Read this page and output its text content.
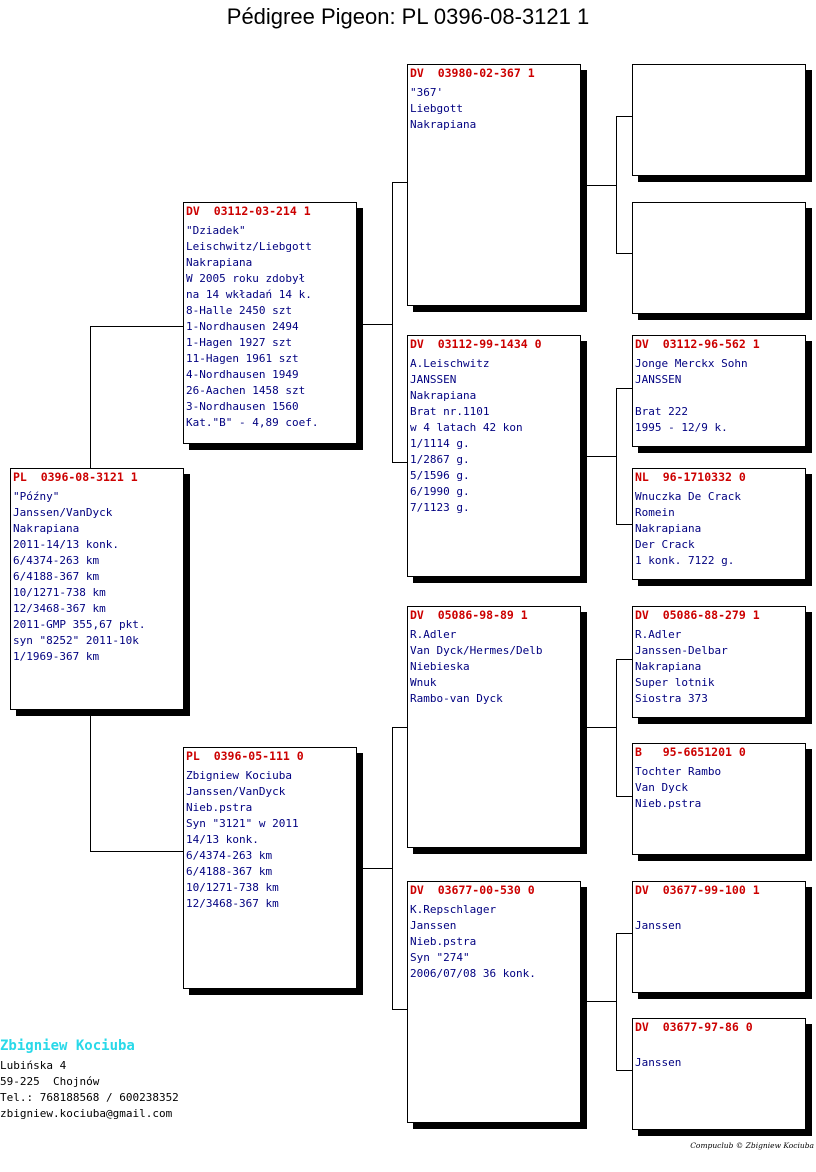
Pédigree Pigeon: PL 0396-08-3121 1
PL  0396-08-3121 1
"Późny"
Janssen/VanDyck
Nakrapiana
2011-14/13 konk.
6/4374-263 km
6/4188-367 km
10/1271-738 km
12/3468-367 km
2011-GMP 355,67 pkt.
syn "8252" 2011-10k
1/1969-367 km
DV  03112-03-214 1
"Dziadek"
Leischwitz/Liebgott
Nakrapiana
W 2005 roku zdobył
na 14 wkładań 14 k.
8-Halle 2450 szt
1-Nordhausen 2494
1-Hagen 1927 szt
11-Hagen 1961 szt
4-Nordhausen 1949
26-Aachen 1458 szt
3-Nordhausen 1560
Kat."B" - 4,89 coef.
PL  0396-05-111 0
Zbigniew Kociuba
Janssen/VanDyck
Nieb.pstra
Syn "3121" w 2011
14/13 konk.
6/4374-263 km
6/4188-367 km
10/1271-738 km
12/3468-367 km
DV  03980-02-367 1
"367'
Liebgott
Nakrapiana
DV  03112-99-1434 0
A.Leischwitz
JANSSEN
Nakrapiana
Brat nr.1101
w 4 latach 42 kon
1/1114 g.
1/2867 g.
5/1596 g.
6/1990 g.
7/1123 g.
DV  05086-98-89 1
R.Adler
Van Dyck/Hermes/Delb
Niebieska
Wnuk
Rambo-van Dyck
DV  03677-00-530 0
K.Repschlager
Janssen
Nieb.pstra
Syn "274"
2006/07/08 36 konk.
DV  03112-96-562 1
Jonge Merckx Sohn
JANSSEN
Brat 222
1995 - 12/9 k.
NL  96-1710332 0
Wnuczka De Crack
Romein
Nakrapiana
Der Crack
1 konk. 7122 g.
DV  05086-88-279 1
R.Adler
Janssen-Delbar
Nakrapiana
Super lotnik
Siostra 373
B   95-6651201 0
Tochter Rambo
Van Dyck
Nieb.pstra
DV  03677-99-100 1
Janssen
DV  03677-97-86 0
Janssen
Zbigniew Kociuba
Lubińska 4
59-225  Chojnów
Tel.: 768188568 / 600238352
zbigniew.kociuba@gmail.com
Compuclub © Zbigniew Kociuba
